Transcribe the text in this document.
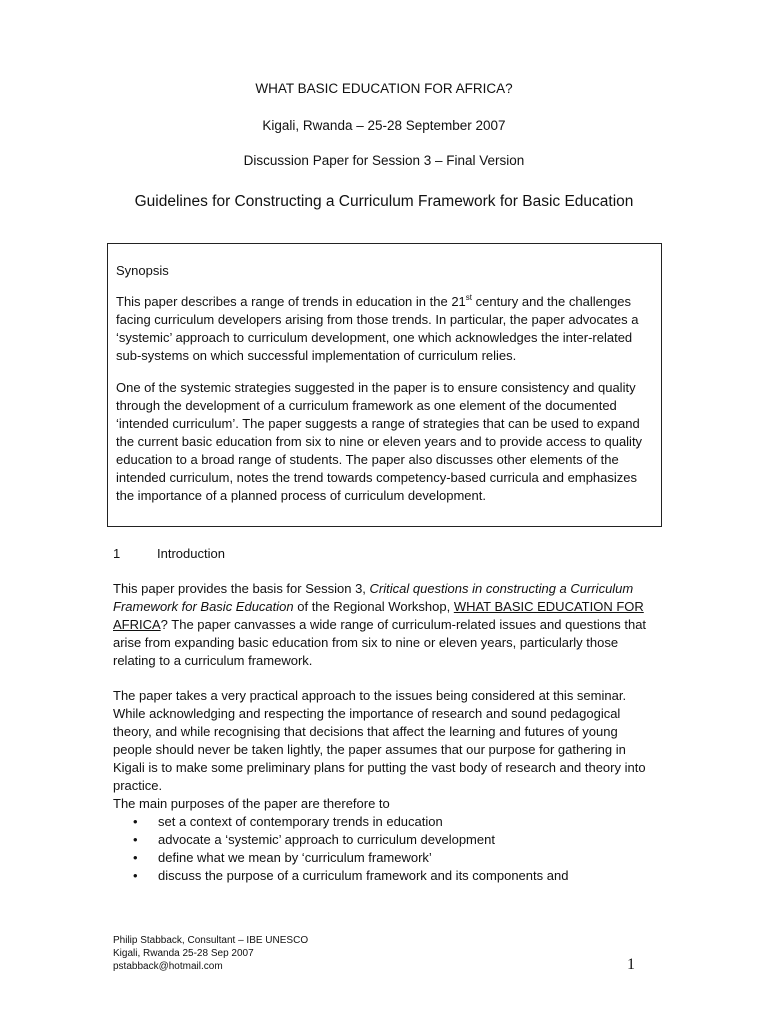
WHAT BASIC EDUCATION FOR AFRICA?
Kigali, Rwanda – 25-28 September 2007
Discussion Paper for Session 3 – Final Version
Guidelines for Constructing a Curriculum Framework for Basic Education

Synopsis

This paper describes a range of trends in education in the 21st century and the challenges facing curriculum developers arising from those trends. In particular, the paper advocates a ‘systemic’ approach to curriculum development, one which acknowledges the inter-related sub-systems on which successful implementation of curriculum relies.

One of the systemic strategies suggested in the paper is to ensure consistency and quality through the development of a curriculum framework as one element of the documented ‘intended curriculum’. The paper suggests a range of strategies that can be used to expand the current basic education from six to nine or eleven years and to provide access to quality education to a broad range of students. The paper also discusses other elements of the intended curriculum, notes the trend towards competency-based curricula and emphasizes the importance of a planned process of curriculum development.

1	Introduction

This paper provides the basis for Session 3, Critical questions in constructing a Curriculum Framework for Basic Education of the Regional Workshop, WHAT BASIC EDUCATION FOR AFRICA? The paper canvasses a wide range of curriculum-related issues and questions that arise from expanding basic education from six to nine or eleven years, particularly those relating to a curriculum framework.

The paper takes a very practical approach to the issues being considered at this seminar. While acknowledging and respecting the importance of research and sound pedagogical theory, and while recognising that decisions that affect the learning and futures of young people should never be taken lightly, the paper assumes that our purpose for gathering in Kigali is to make some preliminary plans for putting the vast body of research and theory into practice.

The main purposes of the paper are therefore to

• set a context of contemporary trends in education
• advocate a ‘systemic’ approach to curriculum development
• define what we mean by ‘curriculum framework’
• discuss the purpose of a curriculum framework and its components and
Philip Stabback, Consultant – IBE UNESCO
Kigali, Rwanda 25-28 Sep 2007
pstabback@hotmail.com	1
